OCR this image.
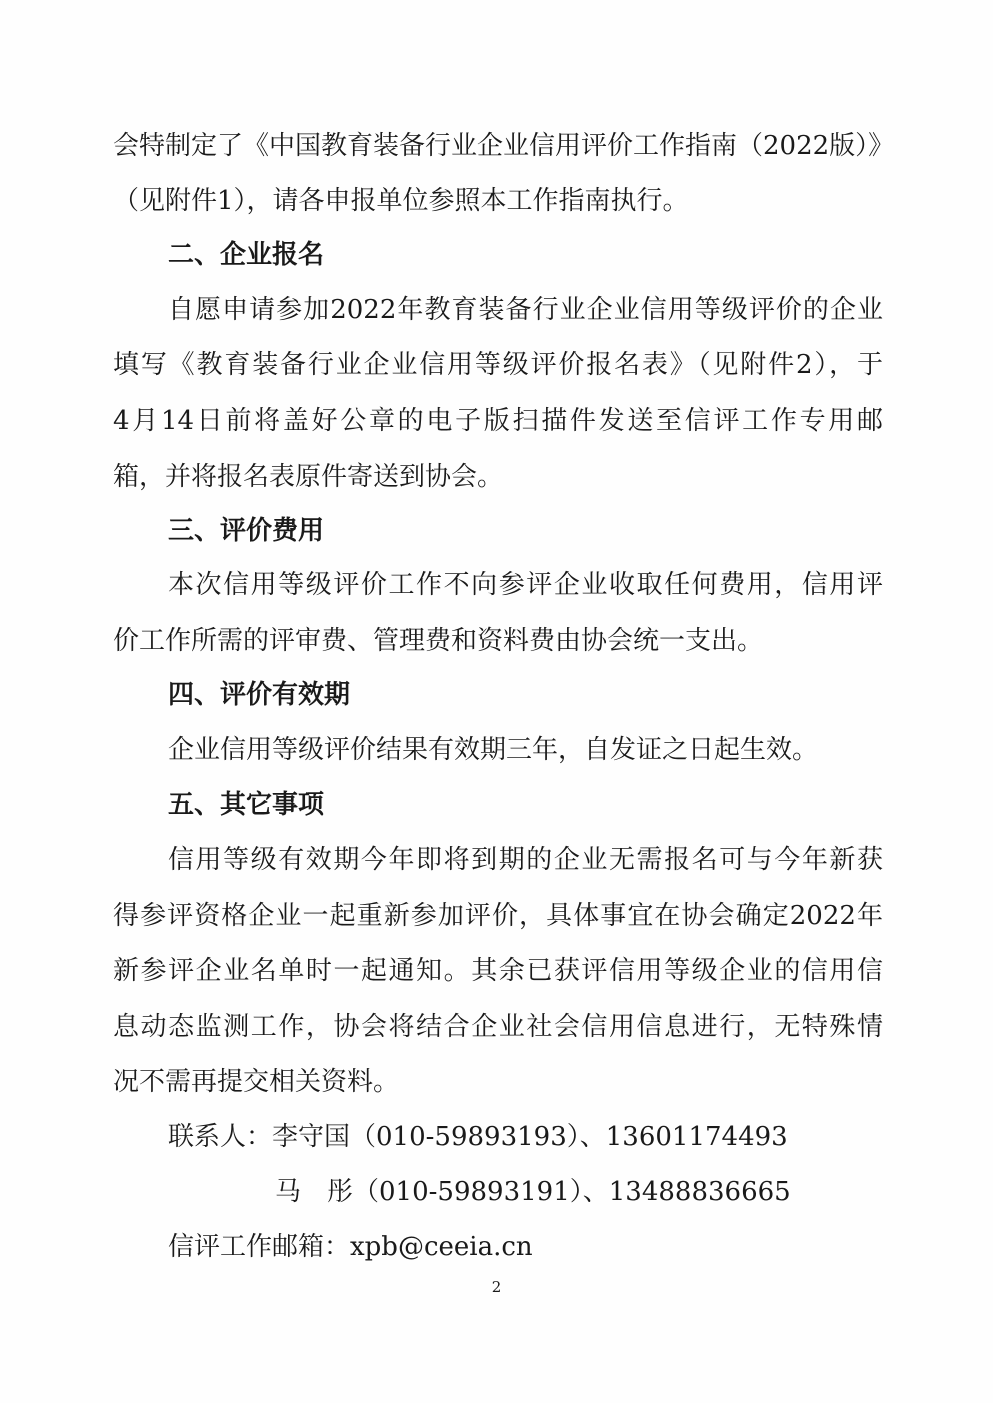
会特制定了《中国教育装备行业企业信用评价工作指南（2022版）》
（见附件1），请各申报单位参照本工作指南执行。
二、企业报名
自愿申请参加2022年教育装备行业企业信用等级评价的企业
填写《教育装备行业企业信用等级评价报名表》（见附件2），于
4月14日前将盖好公章的电子版扫描件发送至信评工作专用邮
箱，并将报名表原件寄送到协会。
三、评价费用
本次信用等级评价工作不向参评企业收取任何费用，信用评
价工作所需的评审费、管理费和资料费由协会统一支出。
四、评价有效期
企业信用等级评价结果有效期三年，自发证之日起生效。
五、其它事项
信用等级有效期今年即将到期的企业无需报名可与今年新获
得参评资格企业一起重新参加评价，具体事宜在协会确定2022年
新参评企业名单时一起通知。其余已获评信用等级企业的信用信
息动态监测工作，协会将结合企业社会信用信息进行，无特殊情
况不需再提交相关资料。
联系人：李守国（010-59893193）、13601174493
马　彤（010-59893191）、13488836665
信评工作邮箱：xpb@ceeia.cn
2
